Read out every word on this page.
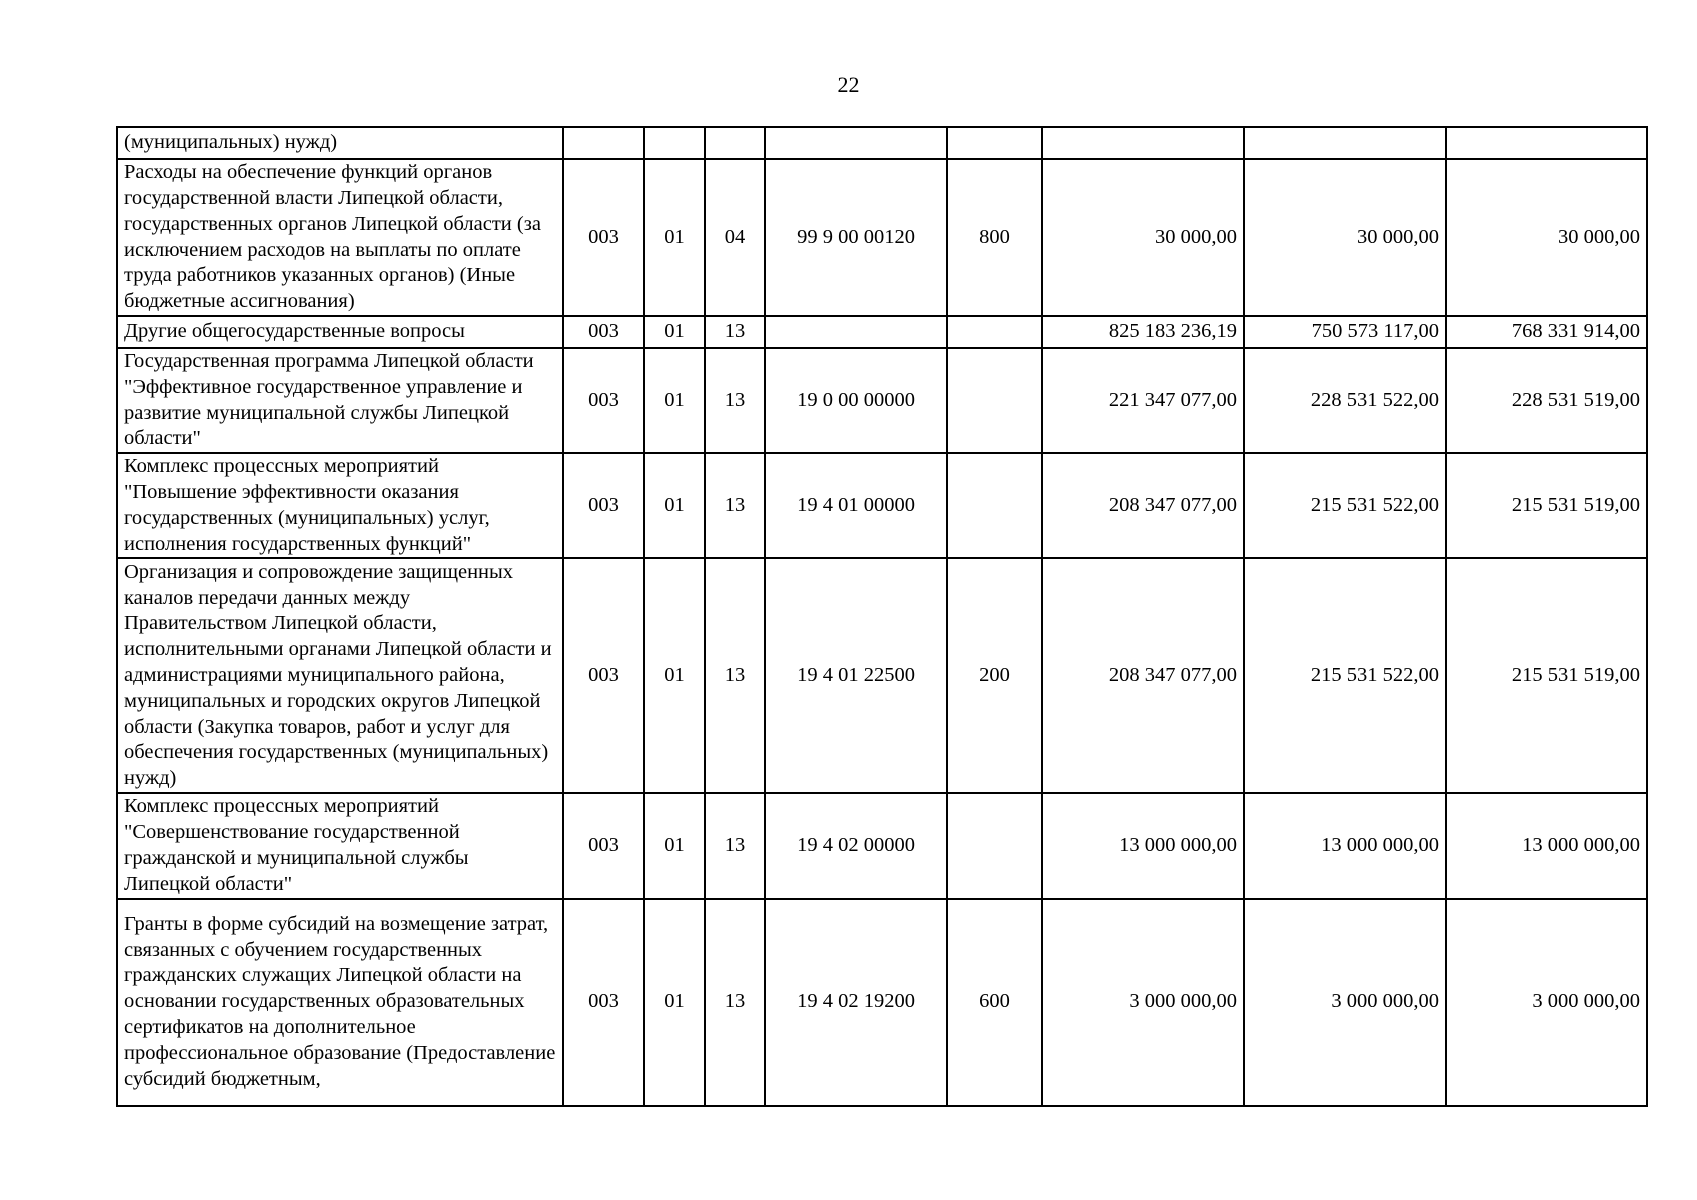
22
(муниципальных) нужд)								
Расходы на обеспечение функций органов государственной власти Липецкой области, государственных органов Липецкой области (за исключением расходов на выплаты по оплате труда работников указанных органов) (Иные бюджетные ассигнования)	003	01	04	99 9 00 00120	800	30 000,00	30 000,00	30 000,00
Другие общегосударственные вопросы	003	01	13			825 183 236,19	750 573 117,00	768 331 914,00
Государственная программа Липецкой области "Эффективное государственное управление и развитие муниципальной службы Липецкой области"	003	01	13	19 0 00 00000		221 347 077,00	228 531 522,00	228 531 519,00
Комплекс процессных мероприятий "Повышение эффективности оказания государственных (муниципальных) услуг, исполнения государственных функций"	003	01	13	19 4 01 00000		208 347 077,00	215 531 522,00	215 531 519,00
Организация и сопровождение защищенных каналов передачи данных между Правительством Липецкой области, исполнительными органами Липецкой области и администрациями муниципального района, муниципальных и городских округов Липецкой области (Закупка товаров, работ и услуг для обеспечения государственных (муниципальных) нужд)	003	01	13	19 4 01 22500	200	208 347 077,00	215 531 522,00	215 531 519,00
Комплекс процессных мероприятий "Совершенствование государственной гражданской и муниципальной службы Липецкой области"	003	01	13	19 4 02 00000		13 000 000,00	13 000 000,00	13 000 000,00
Гранты в форме субсидий на возмещение затрат, связанных с обучением государственных гражданских служащих Липецкой области на основании государственных образовательных сертификатов на дополнительное профессиональное образование (Предоставление субсидий бюджетным,	003	01	13	19 4 02 19200	600	3 000 000,00	3 000 000,00	3 000 000,00
